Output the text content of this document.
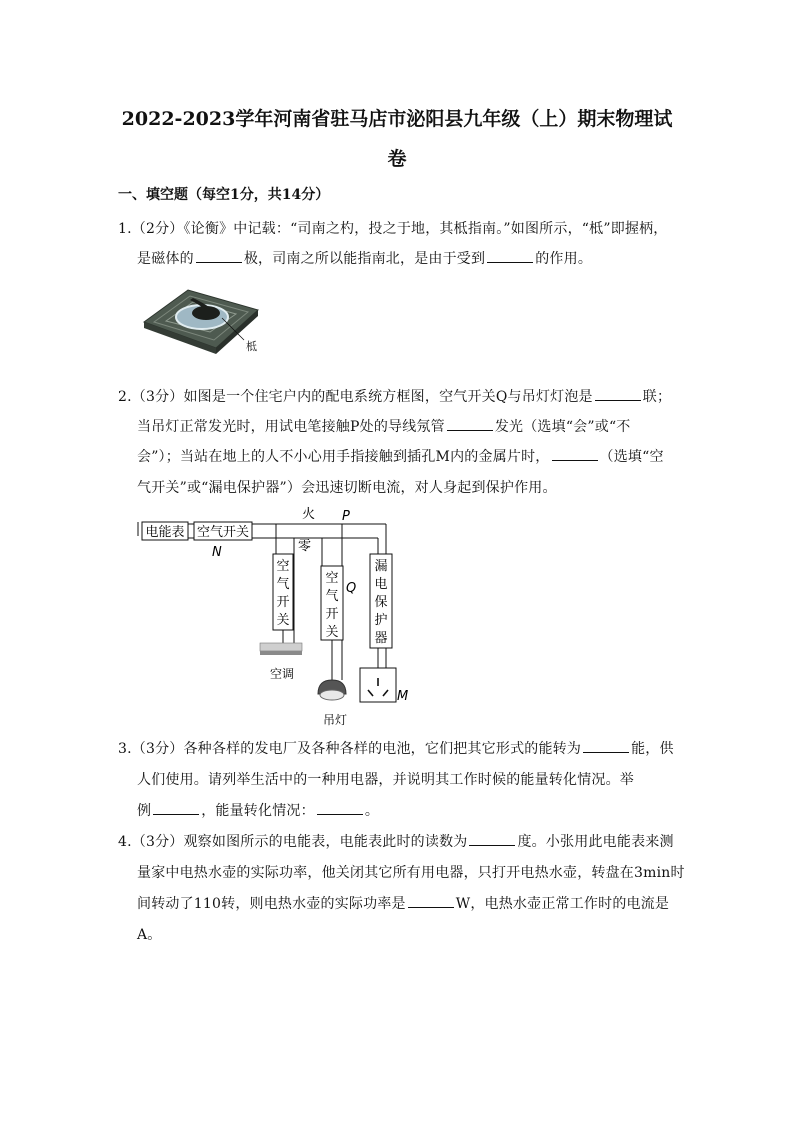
2022-2023学年河南省驻马店市泌阳县九年级（上）期末物理试
卷
一、填空题（每空1分，共14分）
1.（2分）《论衡》中记载：“司南之杓，投之于地，其柢指南。”如图所示，“柢”即握柄，
是磁体的	极，司南之所以能指南北，是由于受到	的作用。
柢
2.（3分）如图是一个住宅户内的配电系统方框图，空气开关Q与吊灯灯泡是	联；
当吊灯正常发光时，用试电笔接触P处的导线氖管	发光（选填“会”或“不
会”）；当站在地上的人不小心用手指接触到插孔M内的金属片时，	（选填“空
气开关”或“漏电保护器”）会迅速切断电流，对人身起到保护作用。
电能表 空气开关
火 P
N	零
空
气
开
关
空调
空
气
开
关
Q
吊灯
漏
电
保
护
器
M
3.（3分）各种各样的发电厂及各种各样的电池，它们把其它形式的能转为	能，供
人们使用。请列举生活中的一种用电器，并说明其工作时候的能量转化情况。举
例	，能量转化情况：	。
4.（3分）观察如图所示的电能表，电能表此时的读数为	度。小张用此电能表来测
量家中电热水壶的实际功率，他关闭其它所有用电器，只打开电热水壶，转盘在3min时
间转动了110转，则电热水壶的实际功率是	W，电热水壶正常工作时的电流是
A。
